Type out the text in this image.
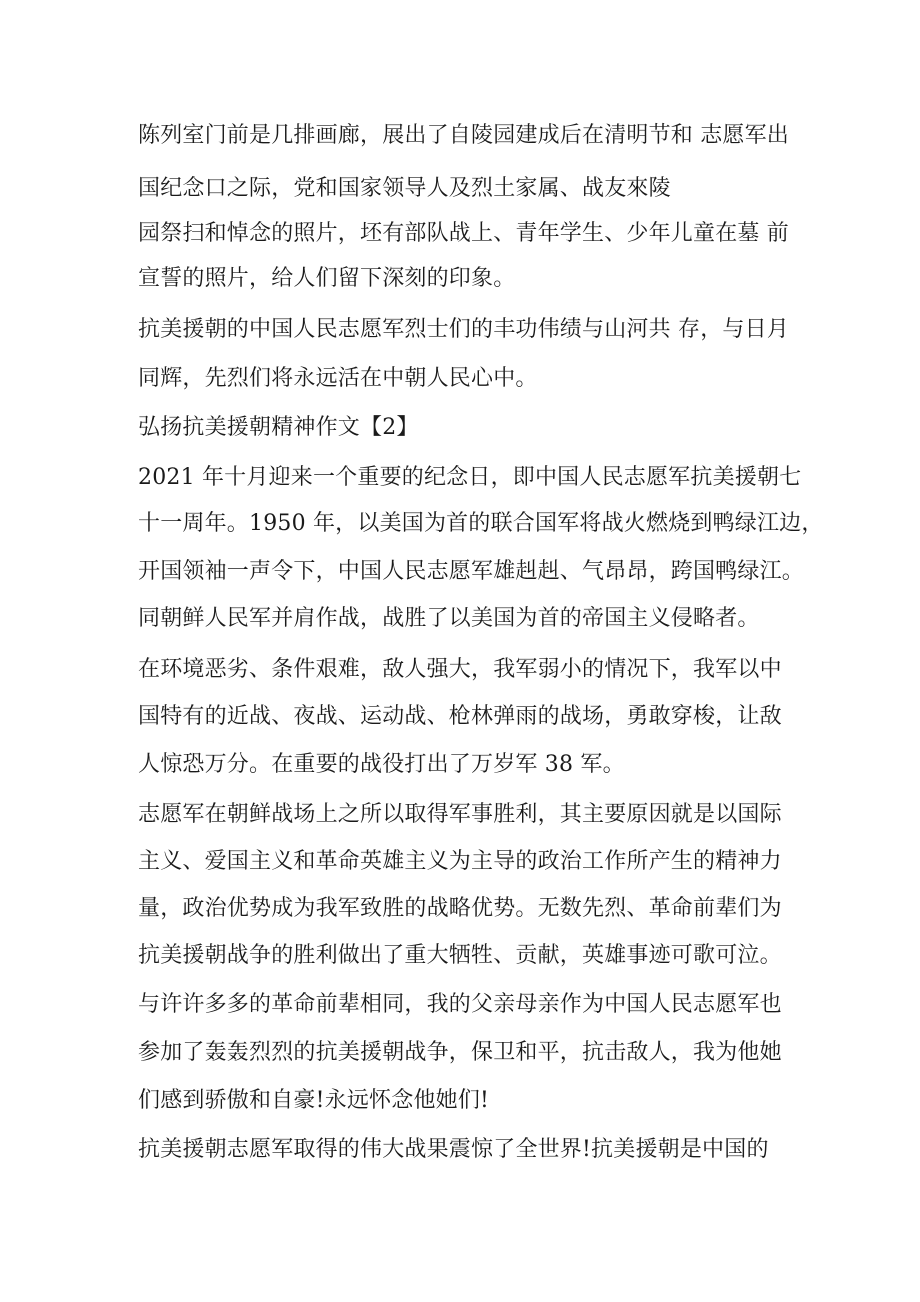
陈列室门前是几排画廊，展出了自陵园建成后在清明节和 志愿军出
国纪念口之际，党和国家领导人及烈土家属、战友來陵
园祭扫和悼念的照片，坯有部队战上、青年学生、少年儿童在墓 前
宣誓的照片，给人们留下深刻的印象。
抗美援朝的中国人民志愿军烈士们的丰功伟绩与山河共 存，与日月
同辉，先烈们将永远活在中朝人民心中。
弘扬抗美援朝精神作文【2】
2021 年十月迎来一个重要的纪念日，即中国人民志愿军抗美援朝七
十一周年。1950 年，以美国为首的联合国军将战火燃烧到鸭绿江边，
开国领袖一声令下，中国人民志愿军雄赳赳、气昂昂，跨国鸭绿江。
同朝鲜人民军并肩作战，战胜了以美国为首的帝国主义侵略者。
在环境恶劣、条件艰难，敌人强大，我军弱小的情况下，我军以中
国特有的近战、夜战、运动战、枪林弹雨的战场，勇敢穿梭，让敌
人惊恐万分。在重要的战役打出了万岁军 38 军。
志愿军在朝鲜战场上之所以取得军事胜利，其主要原因就是以国际
主义、爱国主义和革命英雄主义为主导的政治工作所产生的精神力
量，政治优势成为我军致胜的战略优势。无数先烈、革命前辈们为
抗美援朝战争的胜利做出了重大牺牲、贡献，英雄事迹可歌可泣。
与许许多多的革命前辈相同，我的父亲母亲作为中国人民志愿军也
参加了轰轰烈烈的抗美援朝战争，保卫和平，抗击敌人，我为他她
们感到骄傲和自豪!永远怀念他她们!
抗美援朝志愿军取得的伟大战果震惊了全世界!抗美援朝是中国的
